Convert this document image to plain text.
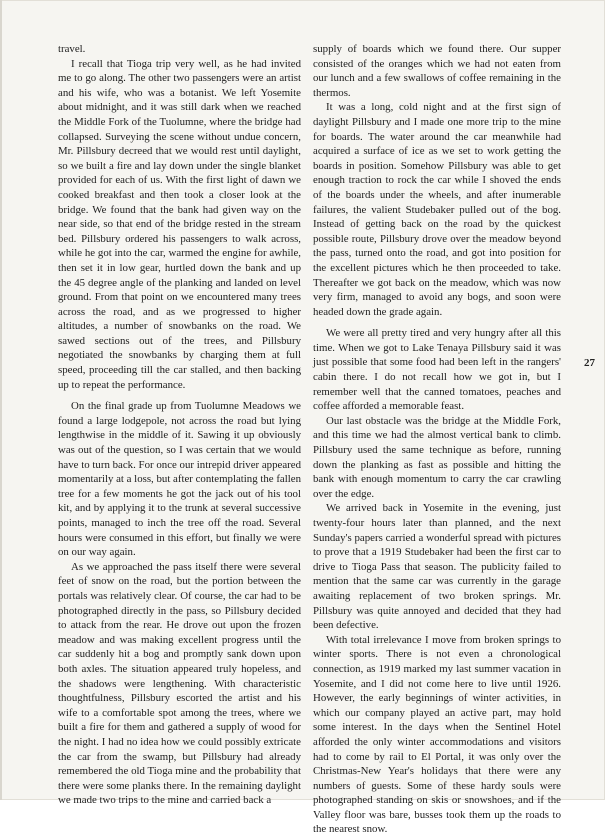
travel.

I recall that Tioga trip very well, as he had invited me to go along. The other two passengers were an artist and his wife, who was a botanist. We left Yosemite about midnight, and it was still dark when we reached the Middle Fork of the Tuolumne, where the bridge had collapsed. Surveying the scene without undue concern, Mr. Pillsbury decreed that we would rest until daylight, so we built a fire and lay down under the single blanket provided for each of us. With the first light of dawn we cooked breakfast and then took a closer look at the bridge. We found that the bank had given way on the near side, so that end of the bridge rested in the stream bed. Pillsbury ordered his passengers to walk across, while he got into the car, warmed the engine for awhile, then set it in low gear, hurtled down the bank and up the 45 degree angle of the planking and landed on level ground. From that point on we encountered many trees across the road, and as we progressed to higher altitudes, a number of snowbanks on the road. We sawed sections out of the trees, and Pillsbury negotiated the snowbanks by charging them at full speed, proceeding till the car stalled, and then backing up to repeat the performance.

On the final grade up from Tuolumne Meadows we found a large lodgepole, not across the road but lying lengthwise in the middle of it. Sawing it up obviously was out of the question, so I was certain that we would have to turn back. For once our intrepid driver appeared momentarily at a loss, but after contemplating the fallen tree for a few moments he got the jack out of his tool kit, and by applying it to the trunk at several successive points, managed to inch the tree off the road. Several hours were consumed in this effort, but finally we were on our way again.

As we approached the pass itself there were several feet of snow on the road, but the portion between the portals was relatively clear. Of course, the car had to be photographed directly in the pass, so Pillsbury decided to attack from the rear. He drove out upon the frozen meadow and was making excellent progress until the car suddenly hit a bog and promptly sank down upon both axles. The situation appeared truly hopeless, and the shadows were lengthening. With characteristic thoughtfulness, Pillsbury escorted the artist and his wife to a comfortable spot among the trees, where we built a fire for them and gathered a supply of wood for the night. I had no idea how we could possibly extricate the car from the swamp, but Pillsbury had already remembered the old Tioga mine and the probability that there were some planks there. In the remaining daylight we made two trips to the mine and carried back a

supply of boards which we found there. Our supper consisted of the oranges which we had not eaten from our lunch and a few swallows of coffee remaining in the thermos.

It was a long, cold night and at the first sign of daylight Pillsbury and I made one more trip to the mine for boards. The water around the car meanwhile had acquired a surface of ice as we set to work getting the boards in position. Somehow Pillsbury was able to get enough traction to rock the car while I shoved the ends of the boards under the wheels, and after inumerable failures, the valient Studebaker pulled out of the bog. Instead of getting back on the road by the quickest possible route, Pillsbury drove over the meadow beyond the pass, turned onto the road, and got into position for the excellent pictures which he then proceeded to take. Thereafter we got back on the meadow, which was now very firm, managed to avoid any bogs, and soon were headed down the grade again.

We were all pretty tired and very hungry after all this time. When we got to Lake Tenaya Pillsbury said it was just possible that some food had been left in the rangers' cabin there. I do not recall how we got in, but I remember well that the canned tomatoes, peaches and coffee afforded a memorable feast.

Our last obstacle was the bridge at the Middle Fork, and this time we had the almost vertical bank to climb. Pillsbury used the same technique as before, running down the planking as fast as possible and hitting the bank with enough momentum to carry the car crawling over the edge.

We arrived back in Yosemite in the evening, just twenty-four hours later than planned, and the next Sunday's papers carried a wonderful spread with pictures to prove that a 1919 Studebaker had been the first car to drive to Tioga Pass that season. The publicity failed to mention that the same car was currently in the garage awaiting replacement of two broken springs. Mr. Pillsbury was quite annoyed and decided that they had been defective.

With total irrelevance I move from broken springs to winter sports. There is not even a chronological connection, as 1919 marked my last summer vacation in Yosemite, and I did not come here to live until 1926. However, the early beginnings of winter activities, in which our company played an active part, may hold some interest. In the days when the Sentinel Hotel afforded the only winter accommodations and visitors had to come by rail to El Portal, it was only over the Christmas-New Year's holidays that there were any numbers of guests. Some of these hardy souls were photographed standing on skis or snowshoes, and if the Valley floor was bare, busses took them up the roads to the nearest snow.

27
